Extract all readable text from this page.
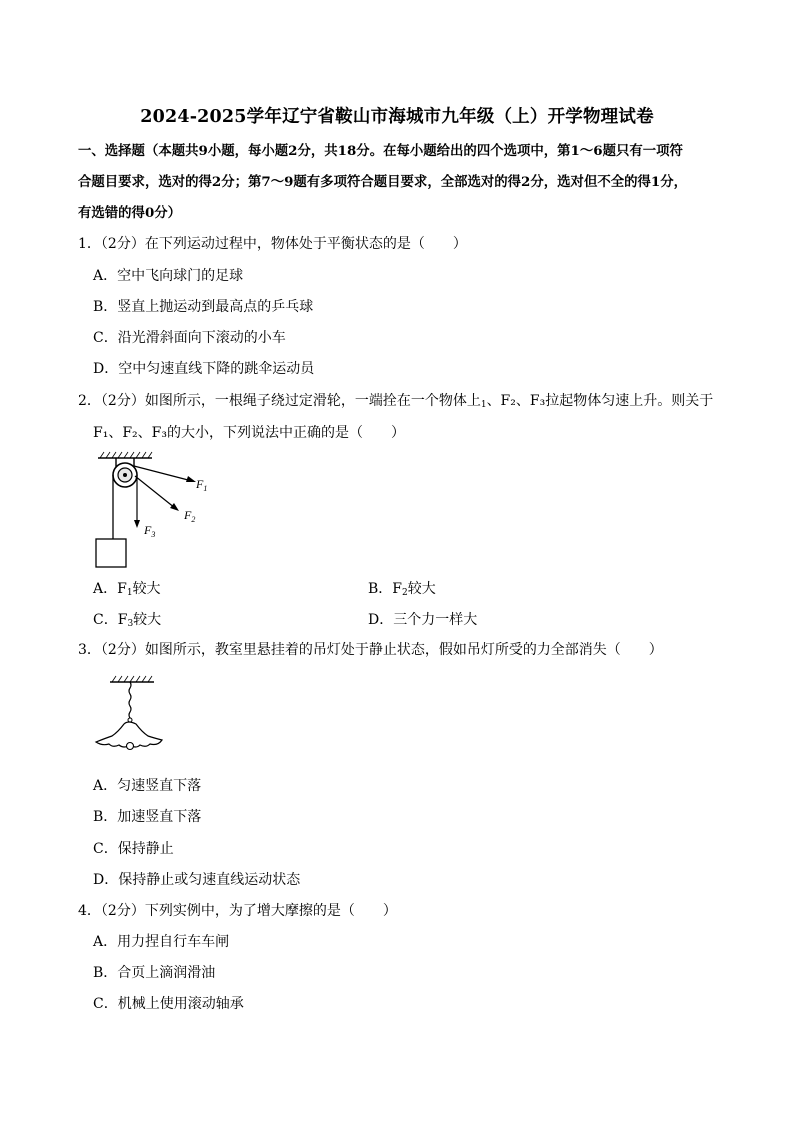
2024-2025学年辽宁省鞍山市海城市九年级（上）开学物理试卷
一、选择题（本题共9小题，每小题2分，共18分。在每小题给出的四个选项中，第1～6题只有一项符
合题目要求，选对的得2分；第7～9题有多项符合题目要求，全部选对的得2分，选对但不全的得1分，
有选错的得0分）
1．（2分）在下列运动过程中，物体处于平衡状态的是（　　）
A．空中飞向球门的足球
B．竖直上抛运动到最高点的乒乓球
C．沿光滑斜面向下滚动的小车
D．空中匀速直线下降的跳伞运动员
2．（2分）如图所示，一根绳子绕过定滑轮，一端拴在一个物体上$_1$、F₂、F₃拉起物体匀速上升。则关于
F₁、F₂、F₃的大小，下列说法中正确的是（　　）
$F_1$
$F_2$
$F_3$
A．$F_1$较大	B．$F_2$较大
C．$F_3$较大	D．三个力一样大
3．（2分）如图所示，教室里悬挂着的吊灯处于静止状态，假如吊灯所受的力全部消失（　　）
A．匀速竖直下落
B．加速竖直下落
C．保持静止
D．保持静止或匀速直线运动状态
4．（2分）下列实例中，为了增大摩擦的是（　　）
A．用力捏自行车车闸
B．合页上滴润滑油
C．机械上使用滚动轴承
